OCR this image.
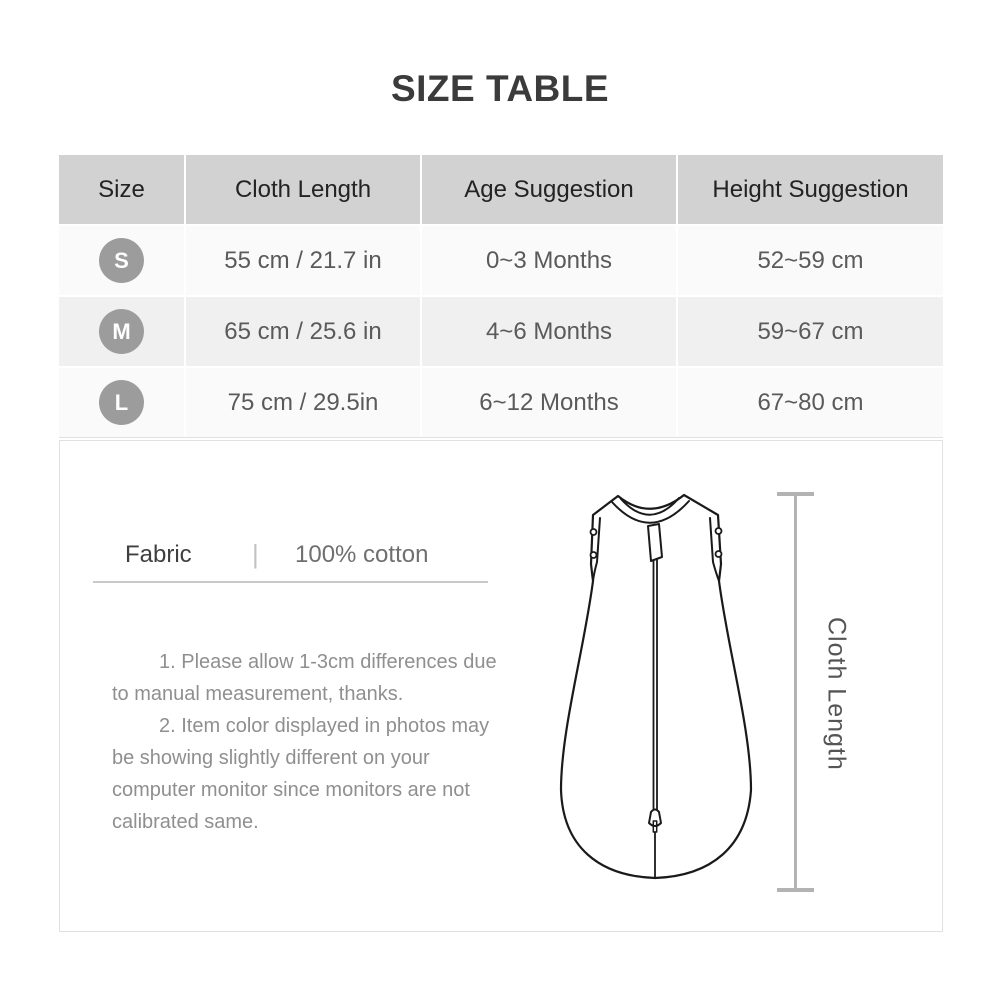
SIZE TABLE
Size	Cloth Length	Age Suggestion	Height Suggestion
S	55 cm / 21.7 in	0~3 Months	52~59 cm
M	65 cm / 25.6 in	4~6 Months	59~67 cm
L	75 cm / 29.5in	6~12 Months	67~80 cm
Fabric | 100% cotton
1. Please allow 1-3cm differences due
to manual measurement, thanks.
2. Item color displayed in photos may
be showing slightly different on your
computer monitor since monitors are not
calibrated same.
Cloth Length
